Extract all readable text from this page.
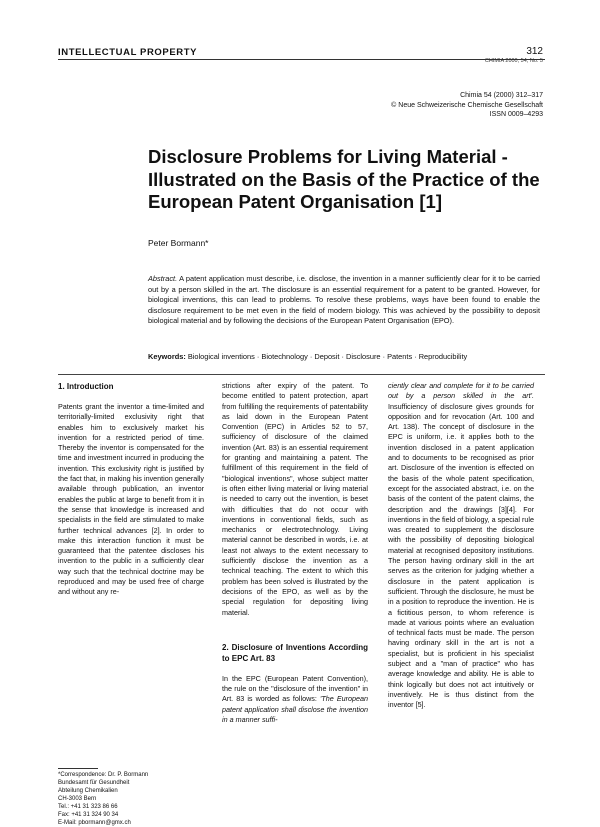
INTELLECTUAL PROPERTY	312
CHIMIA 2000, 54, No. 5
Chimia 54 (2000) 312–317
© Neue Schweizerische Chemische Gesellschaft
ISSN 0009–4293
Disclosure Problems for Living Material - Illustrated on the Basis of the Practice of the European Patent Organisation [1]
Peter Bormann*
Abstract. A patent application must describe, i.e. disclose, the invention in a manner sufficiently clear for it to be carried out by a person skilled in the art. The disclosure is an essential requirement for a patent to be granted. However, for biological inventions, this can lead to problems. To resolve these problems, ways have been found to enable the disclosure requirement to be met even in the field of modern biology. This was achieved by the possibility to deposit biological material and by following the decisions of the European Patent Organisation (EPO).
Keywords: Biological inventions · Biotechnology · Deposit · Disclosure · Patents · Reproducibility
1. Introduction

Patents grant the inventor a time-limited and territorially-limited exclusivity right that enables him to exclusively market his invention for a restricted period of time. Thereby the inventor is compensated for the time and investment incurred in producing the invention. This exclusivity right is justified by the fact that, in making his invention generally available through publication, an inventor enables the public at large to benefit from it in the sense that knowledge is increased and specialists in the field are stimulated to make further technical advances [2]. In order to make this interaction function it must be guaranteed that the patentee discloses his invention to the public in a sufficiently clear way such that the technical doctrine may be reproduced and may be used free of charge and without any re-

strictions after expiry of the patent. To become entitled to patent protection, apart from fulfilling the requirements of patentability as laid down in the European Patent Convention (EPC) in Articles 52 to 57, sufficiency of disclosure of the claimed invention (Art. 83) is an essential requirement for granting and maintaining a patent. The fulfillment of this requirement in the field of "biological inventions", whose subject matter is often either living material or living material is needed to carry out the invention, is beset with difficulties that do not occur with inventions in conventional fields, such as mechanics or electrotechnology. Living material cannot be described in words, i.e. at least not always to the extent necessary to sufficiently disclose the invention as a technical teaching. The extent to which this problem has been solved is illustrated by the decisions of the EPO, as well as by the special regulation for depositing living material.

2. Disclosure of Inventions According to EPC Art. 83

In the EPC (European Patent Convention), the rule on the "disclosure of the invention" in Art. 83 is worded as follows: 'The European patent application shall disclose the invention in a manner suffi-

ciently clear and complete for it to be carried out by a person skilled in the art'. Insufficiency of disclosure gives grounds for opposition and for revocation (Art. 100 and Art. 138). The concept of disclosure in the EPC is uniform, i.e. it applies both to the invention disclosed in a patent application and to documents to be recognised as prior art. Disclosure of the invention is effected on the basis of the whole patent specification, except for the associated abstract, i.e. on the basis of the content of the patent claims, the description and the drawings [3][4]. For inventions in the field of biology, a special rule was created to supplement the disclosure with the possibility of depositing biological material at recognised depository institutions. The person having ordinary skill in the art serves as the criterion for judging whether a disclosure in the patent application is sufficient. Through the disclosure, he must be in a position to reproduce the invention. He is a fictitious person, to whom reference is made at various points where an evaluation of technical facts must be made. The person having ordinary skill in the art is not a specialist, but is proficient in his specialist subject and a "man of practice" who has average knowledge and ability. He is able to think logically but does not act intuitively or inventively. He is thus distinct from the inventor [5].

*Correspondence: Dr. P. Bormann
Bundesamt für Gesundheit
Abteilung Chemikalien
CH-3003 Bern
Tel.: +41 31 323 86 66
Fax: +41 31 324 90 34
E-Mail: pbormann@gmx.ch
